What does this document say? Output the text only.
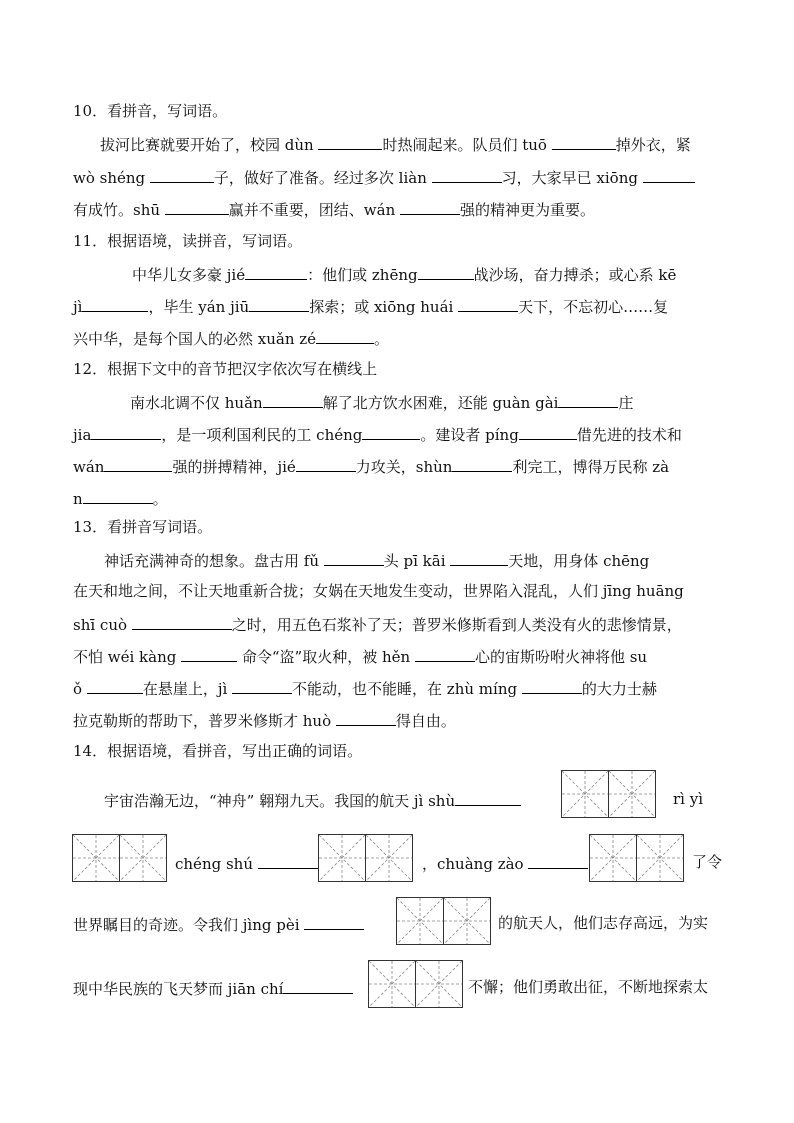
10．看拼音，写词语。
拔河比赛就要开始了，校园 dùn	时热闹起来。队员们 tuō	掉外衣，紧
wò shéng	子，做好了准备。经过多次 liàn	习，大家早已 xiōng
有成竹。shū	赢并不重要，团结、wán	强的精神更为重要。
11．根据语境，读拼音，写词语。
中华儿女多豪 jié	：他们或 zhēng	战沙场，奋力搏杀；或心系 kē
jì	，毕生 yán jiū	探索；或 xiōng huái	天下，不忘初心……复
兴中华，是每个国人的必然 xuǎn zé	。
12．根据下文中的音节把汉字依次写在横线上
南水北调不仅 huǎn	解了北方饮水困难，还能 guàn gài	庄
jia	，是一项利国利民的工 chéng	。建设者 píng	借先进的技术和
wán	强的拼搏精神，jié	力攻关，shùn	利完工，博得万民称 zà
n	。
13．看拼音写词语。
神话充满神奇的想象。盘古用 fǔ	头 pī kāi	天地，用身体 chēng
在天和地之间，不让天地重新合拢；女娲在天地发生变动，世界陷入混乱，人们 jīng huāng
shī cuò	之时，用五色石浆补了天；普罗米修斯看到人类没有火的悲惨情景，
不怕 wéi kàng	命令“盗”取火种，被 hěn	心的宙斯吩咐火神将他 su
ǒ	在悬崖上，jì	不能动，也不能睡，在 zhù míng	的大力士赫
拉克勒斯的帮助下，普罗米修斯才 huò	得自由。
14．根据语境，看拼音，写出正确的词语。
宇宙浩瀚无边，“神舟” 翱翔九天。我国的航天 jì shù	rì yì
chéng shú	，chuàng zào	了令
世界瞩目的奇迹。令我们 jìng pèi	的航天人，他们志存高远，为实
现中华民族的飞天梦而 jiān chí	不懈；他们勇敢出征，不断地探索太
